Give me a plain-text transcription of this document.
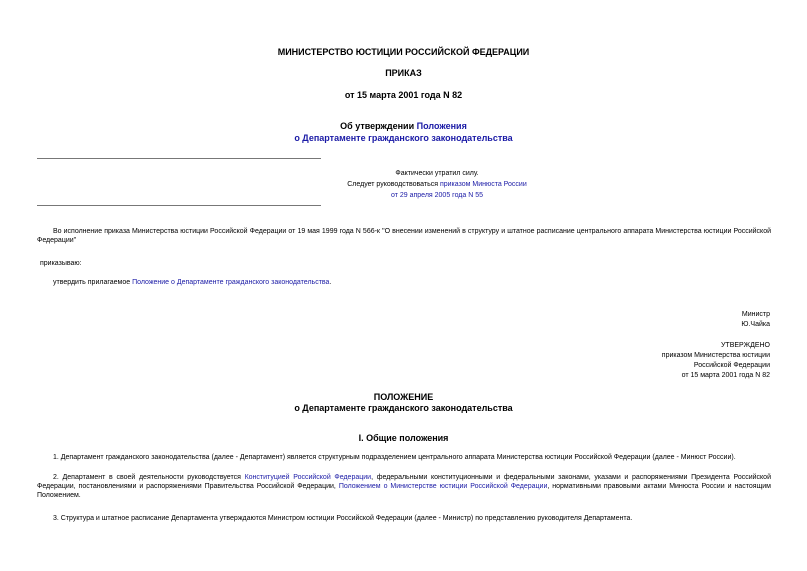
МИНИСТЕРСТВО ЮСТИЦИИ РОССИЙСКОЙ ФЕДЕРАЦИИ
ПРИКАЗ
от 15 марта 2001 года N 82
Об утверждении Положения
о Департаменте гражданского законодательства
Фактически утратил силу.
Следует руководствоваться приказом Минюста России
от 29 апреля 2005 года N 55
Во исполнение приказа Министерства юстиции Российской Федерации от 19 мая 1999 года N 566-к "О внесении изменений в структуру и штатное расписание центрального аппарата Министерства юстиции Российской Федерации"
приказываю:
утвердить прилагаемое Положение о Департаменте гражданского законодательства.
Министр
Ю.Чайка
УТВЕРЖДЕНО
приказом Министерства юстиции
Российской Федерации
от 15 марта 2001 года N 82
ПОЛОЖЕНИЕ
о Департаменте гражданского законодательства
I. Общие положения
1. Департамент гражданского законодательства (далее - Департамент) является структурным подразделением центрального аппарата Министерства юстиции Российской Федерации (далее - Минюст России).
2. Департамент в своей деятельности руководствуется Конституцией Российской Федерации, федеральными конституционными и федеральными законами, указами и распоряжениями Президента Российской Федерации, постановлениями и распоряжениями Правительства Российской Федерации, Положением о Министерстве юстиции Российской Федерации, нормативными правовыми актами Минюста России и настоящим Положением.
3. Структура и штатное расписание Департамента утверждаются Министром юстиции Российской Федерации (далее - Министр) по представлению руководителя Департамента.
